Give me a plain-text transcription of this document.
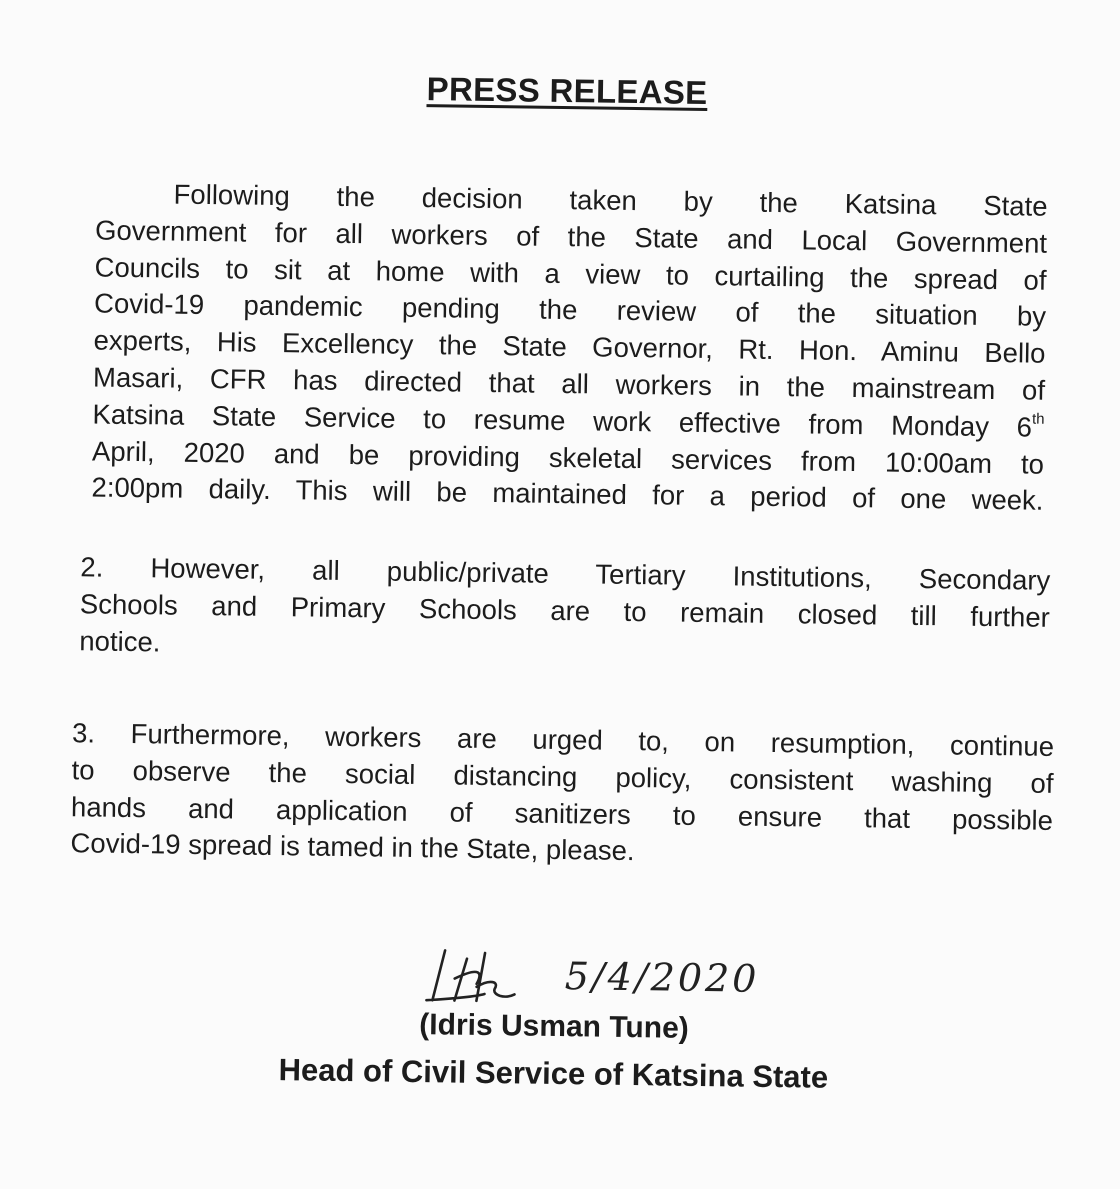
PRESS RELEASE
Following the decision taken by the Katsina State
Government for all workers of the State and Local Government
Councils to sit at home with a view to curtailing the spread of
Covid-19 pandemic pending the review of the situation by
experts, His Excellency the State Governor, Rt. Hon. Aminu Bello
Masari, CFR has directed that all workers in the mainstream of
Katsina State Service to resume work effective from Monday 6th
April, 2020 and be providing skeletal services from 10:00am to
2:00pm daily. This will be maintained for a period of one week.
2. However, all public/private Tertiary Institutions, Secondary
Schools and Primary Schools are to remain closed till further
notice.
3. Furthermore, workers are urged to, on resumption, continue
to observe the social distancing policy, consistent washing of
hands and application of sanitizers to ensure that possible
Covid-19 spread is tamed in the State, please.
5/4/2020
(Idris Usman Tune)
Head of Civil Service of Katsina State
